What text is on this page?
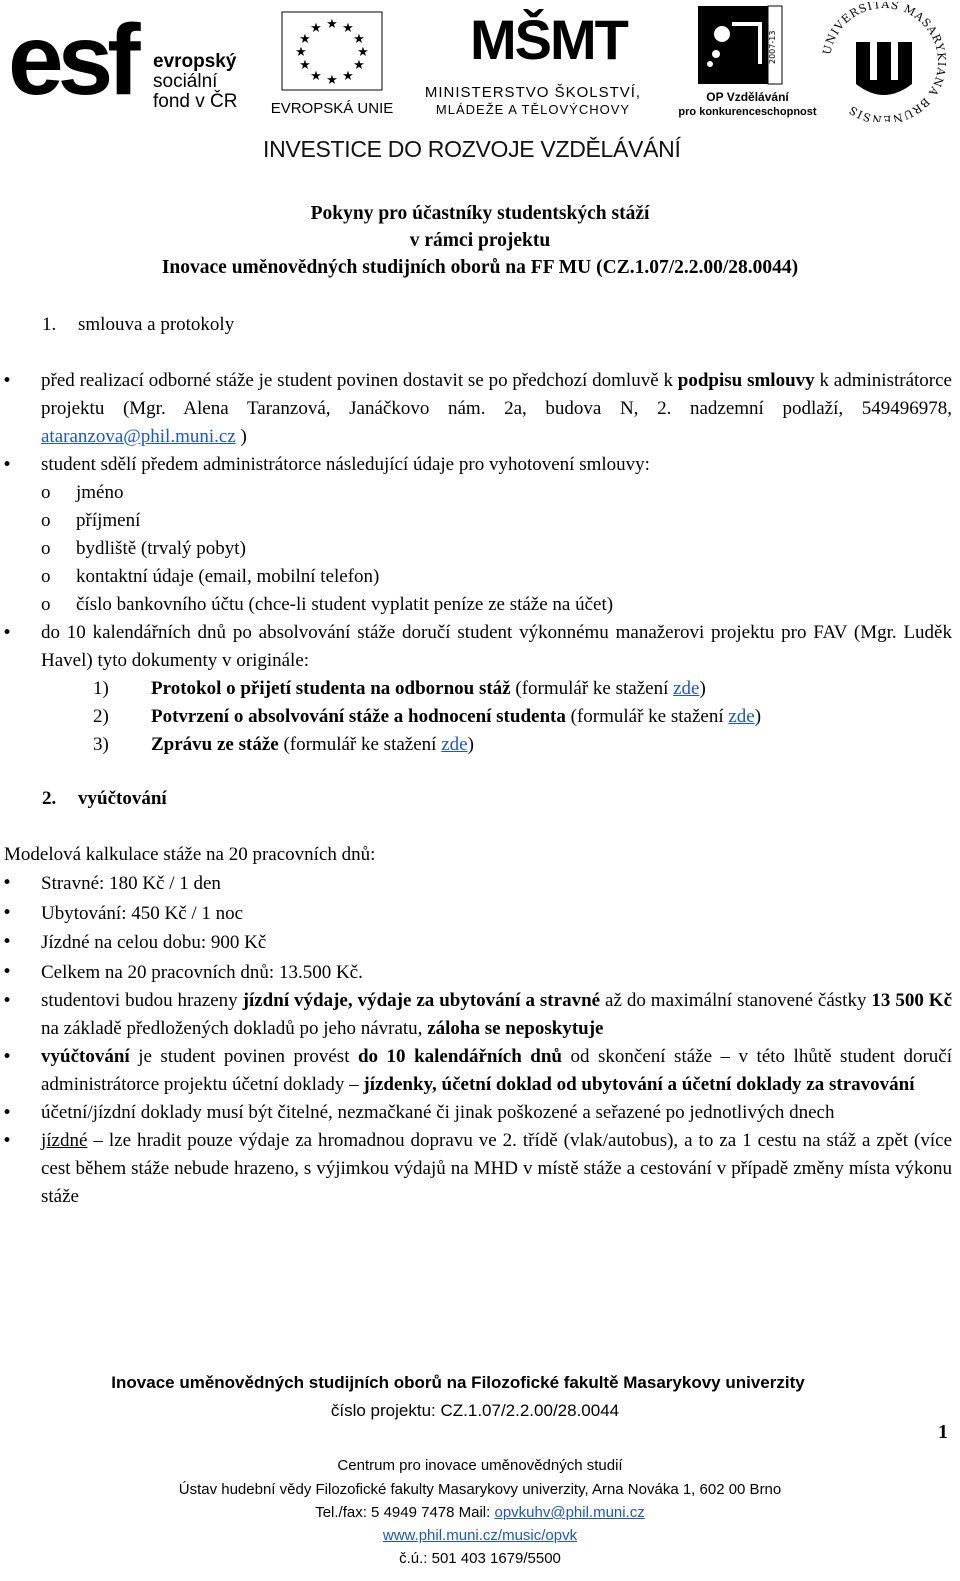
esf evropský
sociální
fond v ČR
★ ★
★
★
★
★
★
★
★
★
★
★
EVROPSKÁ UNIE
MŠMT
MINISTERSTVO ŠKOLSTVÍ,
MLÁDEŽE A TĚLOVÝCHOVY
2007-13
OP Vzdělávání
pro konkurenceschopnost
UNIVERSITAS MASARYKIANA BRUNENSIS
INVESTICE DO ROZVOJE VZDĚLÁVÁNÍ
Pokyny pro účastníky studentských stáží
v rámci projektu
Inovace uměnovědných studijních oborů na FF MU (CZ.1.07/2.2.00/28.0044)
1. smlouva a protokoly
• před realizací odborné stáže je student povinen dostavit se po předchozí domluvě k podpisu smlouvy k administrátorce projektu (Mgr. Alena Taranzová, Janáčkovo nám. 2a, budova N, 2. nadzemní podlaží, 549496978, ataranzova@phil.muni.cz )
• student sdělí předem administrátorce následující údaje pro vyhotovení smlouvy:
o jméno
o příjmení
o bydliště (trvalý pobyt)
o kontaktní údaje (email, mobilní telefon)
o číslo bankovního účtu (chce-li student vyplatit peníze ze stáže na účet)
• do 10 kalendářních dnů po absolvování stáže doručí student výkonnému manažerovi projektu pro FAV (Mgr. Luděk Havel) tyto dokumenty v originále:
1) Protokol o přijetí studenta na odbornou stáž (formulář ke stažení zde)
2) Potvrzení o absolvování stáže a hodnocení studenta (formulář ke stažení zde)
3) Zprávu ze stáže (formulář ke stažení zde)
2. vyúčtování
Modelová kalkulace stáže na 20 pracovních dnů:
• Stravné: 180 Kč / 1 den
• Ubytování: 450 Kč / 1 noc
• Jízdné na celou dobu: 900 Kč
• Celkem na 20 pracovních dnů: 13.500 Kč.
• studentovi budou hrazeny jízdní výdaje, výdaje za ubytování a stravné až do maximální stanovené částky 13 500 Kč na základě předložených dokladů po jeho návratu, záloha se neposkytuje
• vyúčtování je student povinen provést do 10 kalendářních dnů od skončení stáže – v této lhůtě student doručí administrátorce projektu účetní doklady – jízdenky, účetní doklad od ubytování a účetní doklady za stravování
• účetní/jízdní doklady musí být čitelné, nezmačkané či jinak poškozené a seřazené po jednotlivých dnech
• jízdné – lze hradit pouze výdaje za hromadnou dopravu ve 2. třídě (vlak/autobus), a to za 1 cestu na stáž a zpět (více cest během stáže nebude hrazeno, s výjimkou výdajů na MHD v místě stáže a cestování v případě změny místa výkonu stáže
Inovace uměnovědných studijních oborů na Filozofické fakultě Masarykovy univerzity
číslo projektu: CZ.1.07/2.2.00/28.0044
1
Centrum pro inovace uměnovědných studií
Ústav hudební vědy Filozofické fakulty Masarykovy univerzity, Arna Nováka 1, 602 00 Brno
Tel./fax: 5 4949 7478 Mail: opvkuhv@phil.muni.cz
www.phil.muni.cz/music/opvk
č.ú.: 501 403 1679/5500
